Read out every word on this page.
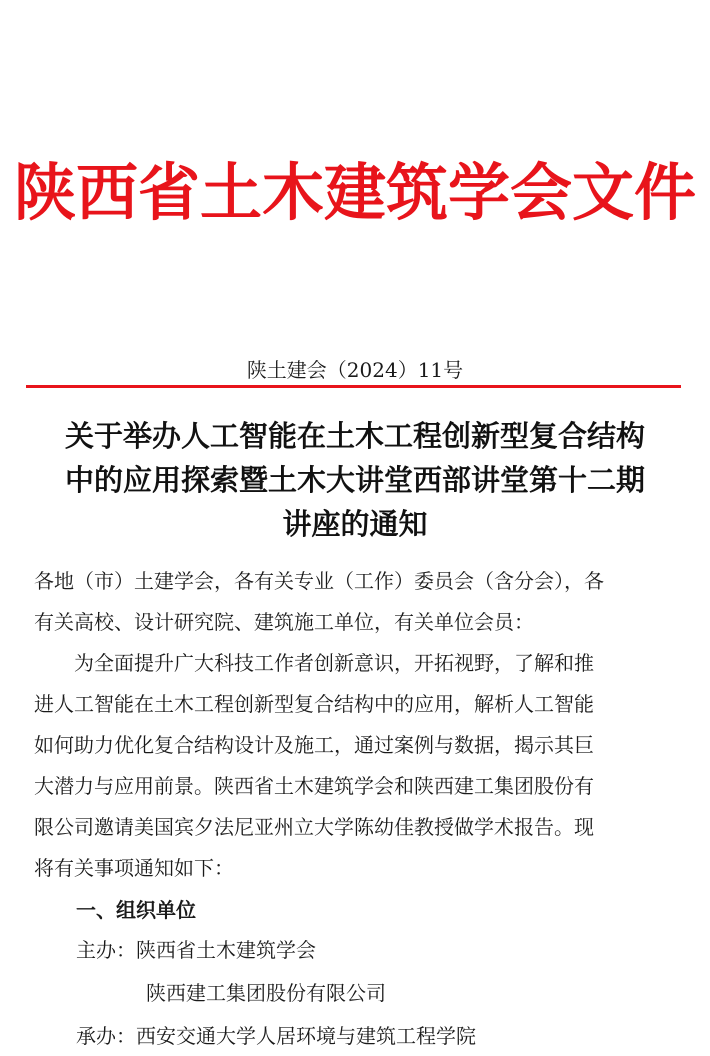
陕西省土木建筑学会文件
陕土建会（2024）11号
关于举办人工智能在土木工程创新型复合结构
中的应用探索暨土木大讲堂西部讲堂第十二期
讲座的通知
各地（市）土建学会，各有关专业（工作）委员会（含分会），各
有关高校、设计研究院、建筑施工单位，有关单位会员：
　　为全面提升广大科技工作者创新意识，开拓视野，了解和推
进人工智能在土木工程创新型复合结构中的应用，解析人工智能
如何助力优化复合结构设计及施工，通过案例与数据，揭示其巨
大潜力与应用前景。陕西省土木建筑学会和陕西建工集团股份有
限公司邀请美国宾夕法尼亚州立大学陈幼佳教授做学术报告。现
将有关事项通知如下：
一、组织单位
主办：陕西省土木建筑学会
陕西建工集团股份有限公司
承办：西安交通大学人居环境与建筑工程学院
